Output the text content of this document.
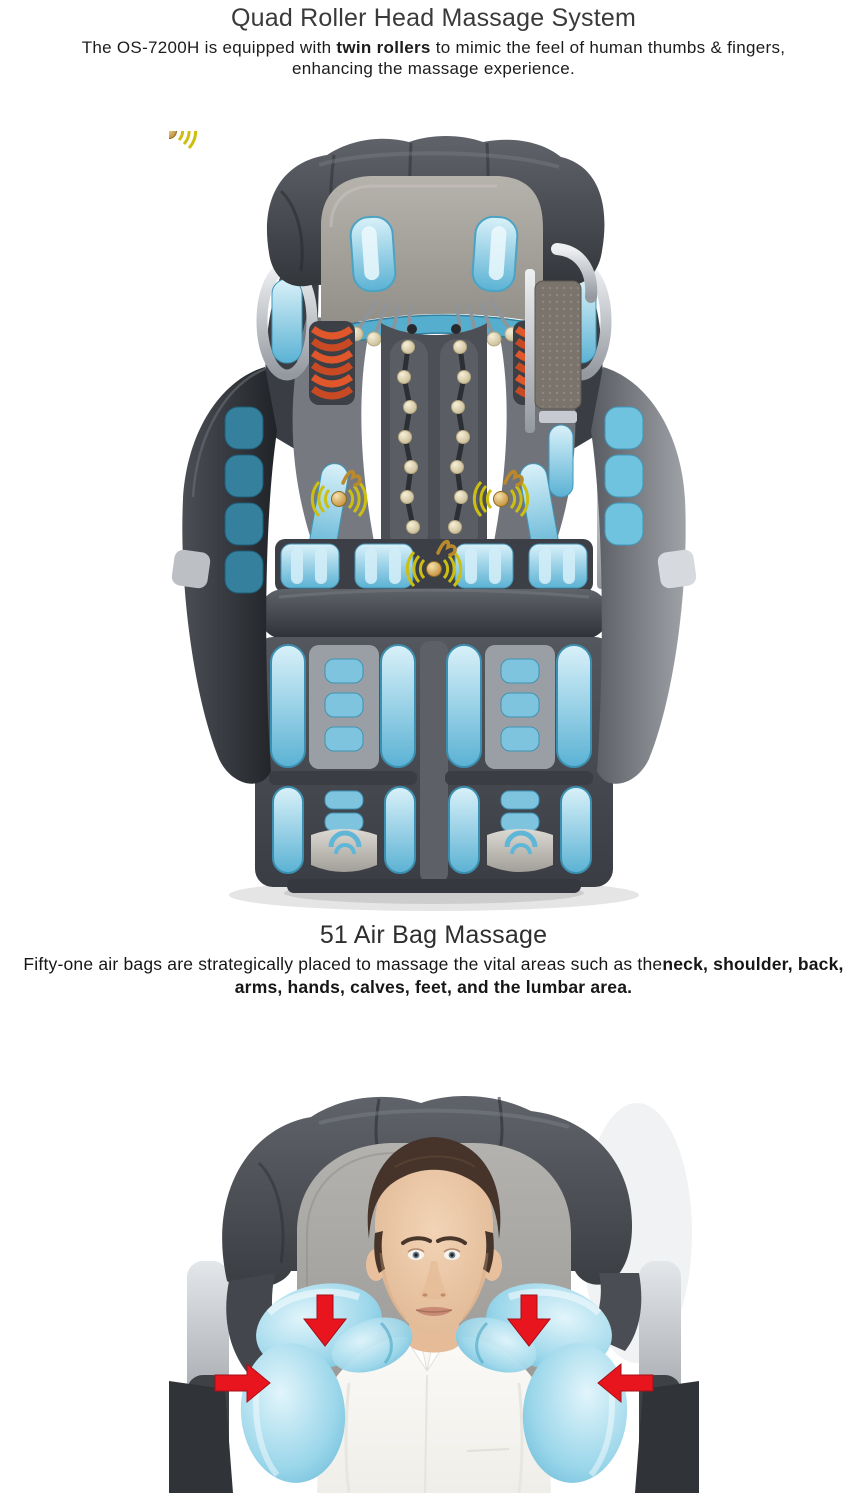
Quad Roller Head Massage System

The OS-7200H is equipped with twin rollers to mimic the feel of human thumbs & fingers,
enhancing the massage experience.

51 Air Bag Massage

Fifty-one air bags are strategically placed to massage the vital areas such as theneck, shoulder, back, arms, hands, calves, feet, and the lumbar area.
